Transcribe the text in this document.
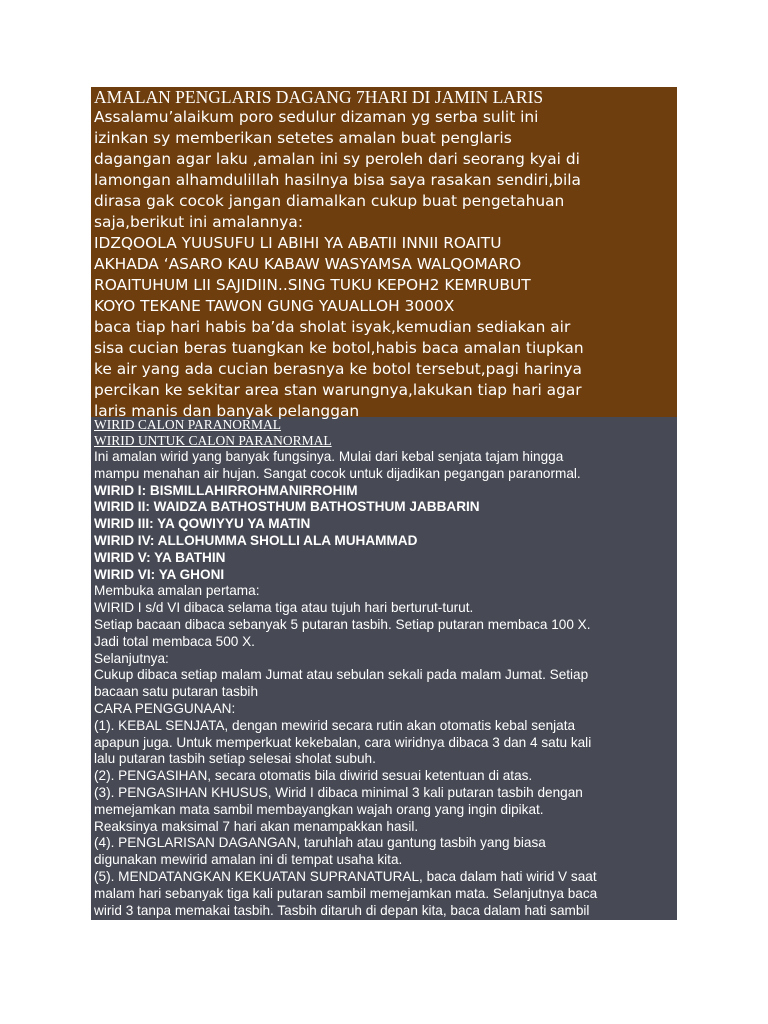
AMALAN PENGLARIS DAGANG 7HARI DI JAMIN LARIS

Assalamu’alaikum poro sedulur dizaman yg serba sulit ini
izinkan sy memberikan setetes amalan buat penglaris
dagangan agar laku ,amalan ini sy peroleh dari seorang kyai di
lamongan alhamdulillah hasilnya bisa saya rasakan sendiri,bila
dirasa gak cocok jangan diamalkan cukup buat pengetahuan
saja,berikut ini amalannya:

IDZQOOLA YUUSUFU LI ABIHI YA ABATII INNII ROAITU
AKHADA ‘ASARO KAU KABAW WASYAMSA WALQOMARO
ROAITUHUM LII SAJIDIIN..SING TUKU KEPOH2 KEMRUBUT
KOYO TEKANE TAWON GUNG YAUALLOH 3000X

baca tiap hari habis ba’da sholat isyak,kemudian sediakan air
sisa cucian beras tuangkan ke botol,habis baca amalan tiupkan
ke air yang ada cucian berasnya ke botol tersebut,pagi harinya
percikan ke sekitar area stan warungnya,lakukan tiap hari agar
laris manis dan banyak pelanggan

WIRID CALON PARANORMAL
WIRID UNTUK CALON PARANORMAL

Ini amalan wirid yang banyak fungsinya. Mulai dari kebal senjata tajam hingga
mampu menahan air hujan. Sangat cocok untuk dijadikan pegangan paranormal.

WIRID I: BISMILLAHIRROHMANIRROHIM
WIRID II: WAIDZA BATHOSTHUM BATHOSTHUM JABBARIN
WIRID III: YA QOWIYYU YA MATIN
WIRID IV: ALLOHUMMA SHOLLI ALA MUHAMMAD
WIRID V: YA BATHIN
WIRID VI: YA GHONI

Membuka amalan pertama:
WIRID I s/d VI dibaca selama tiga atau tujuh hari berturut-turut.
Setiap bacaan dibaca sebanyak 5 putaran tasbih. Setiap putaran membaca 100 X.
Jadi total membaca 500 X.
Selanjutnya:
Cukup dibaca setiap malam Jumat atau sebulan sekali pada malam Jumat. Setiap
bacaan satu putaran tasbih
CARA PENGGUNAAN:
(1). KEBAL SENJATA, dengan mewirid secara rutin akan otomatis kebal senjata
apapun juga. Untuk memperkuat kekebalan, cara wiridnya dibaca 3 dan 4 satu kali
lalu putaran tasbih setiap selesai sholat subuh.
(2). PENGASIHAN, secara otomatis bila diwirid sesuai ketentuan di atas.
(3). PENGASIHAN KHUSUS, Wirid I dibaca minimal 3 kali putaran tasbih dengan
memejamkan mata sambil membayangkan wajah orang yang ingin dipikat.
Reaksinya maksimal 7 hari akan menampakkan hasil.
(4). PENGLARISAN DAGANGAN, taruhlah atau gantung tasbih yang biasa
digunakan mewirid amalan ini di tempat usaha kita.
(5). MENDATANGKAN KEKUATAN SUPRANATURAL, baca dalam hati wirid V saat
malam hari sebanyak tiga kali putaran sambil memejamkan mata. Selanjutnya baca
wirid 3 tanpa memakai tasbih. Tasbih ditaruh di depan kita, baca dalam hati sambil
